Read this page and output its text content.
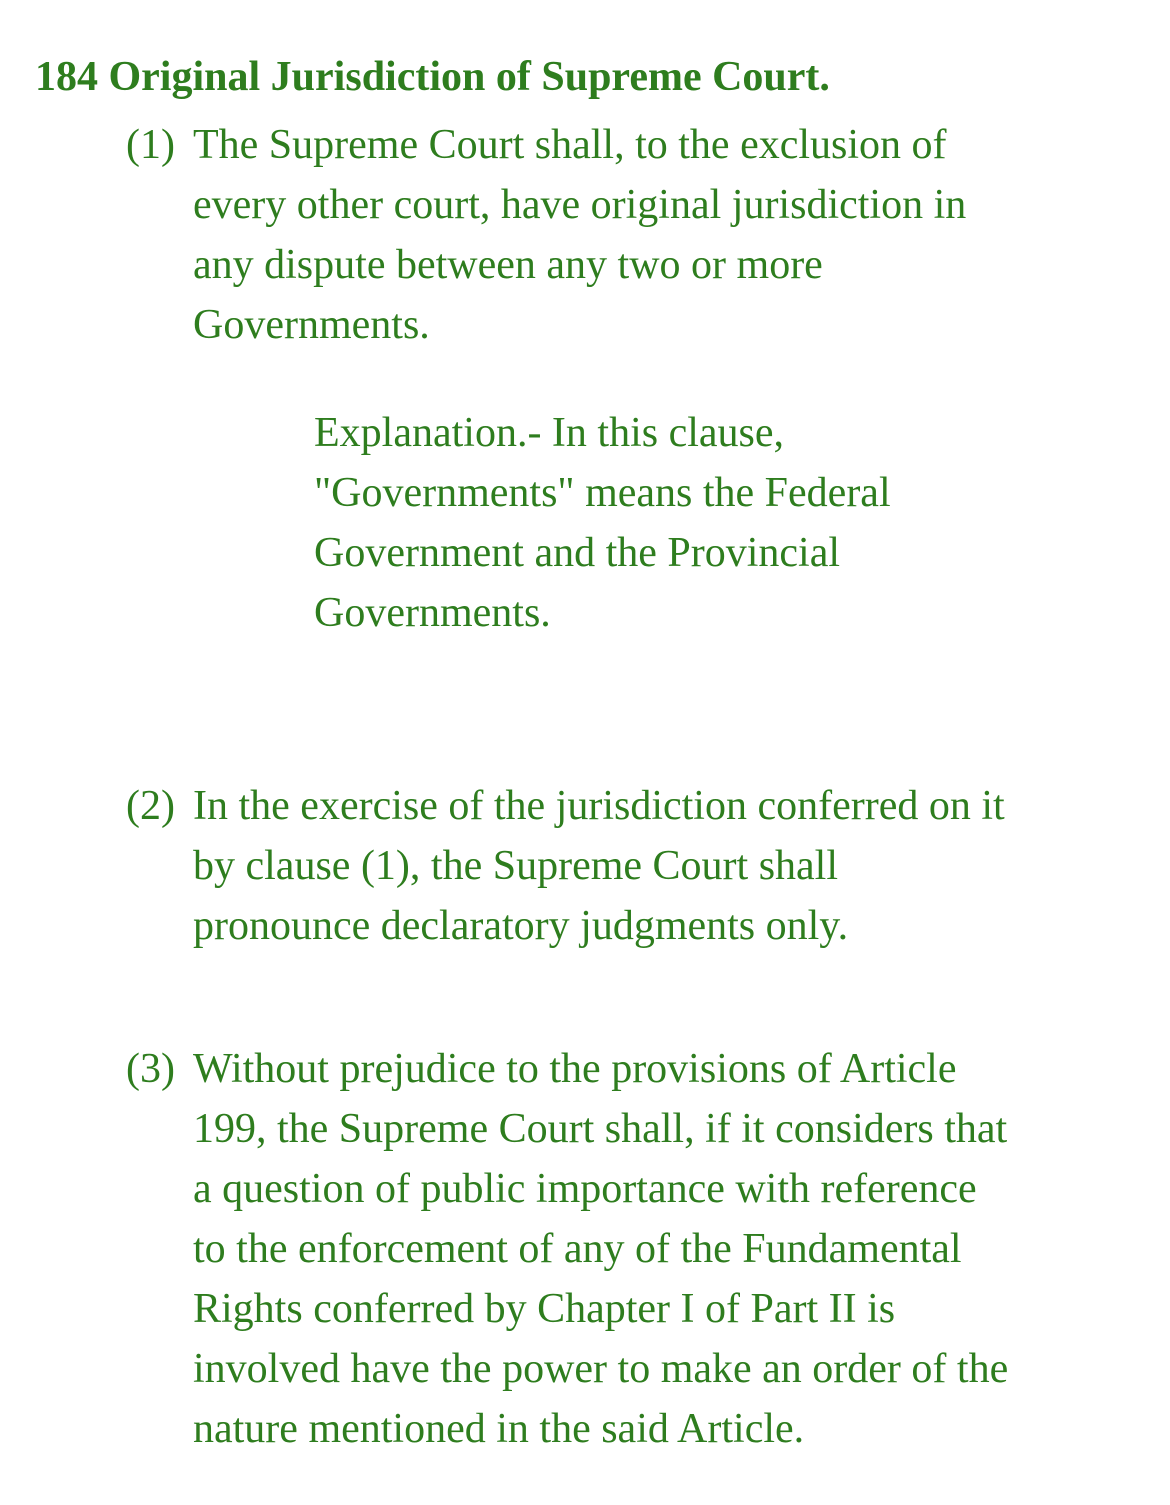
184 Original Jurisdiction of Supreme Court.
(1) The Supreme Court shall, to the exclusion of
every other court, have original jurisdiction in
any dispute between any two or more
Governments.
Explanation.- In this clause,
"Governments" means the Federal
Government and the Provincial
Governments.
(2) In the exercise of the jurisdiction conferred on it
by clause (1), the Supreme Court shall
pronounce declaratory judgments only.
(3) Without prejudice to the provisions of Article
199, the Supreme Court shall, if it considers that
a question of public importance with reference
to the enforcement of any of the Fundamental
Rights conferred by Chapter I of Part II is
involved have the power to make an order of the
nature mentioned in the said Article.
